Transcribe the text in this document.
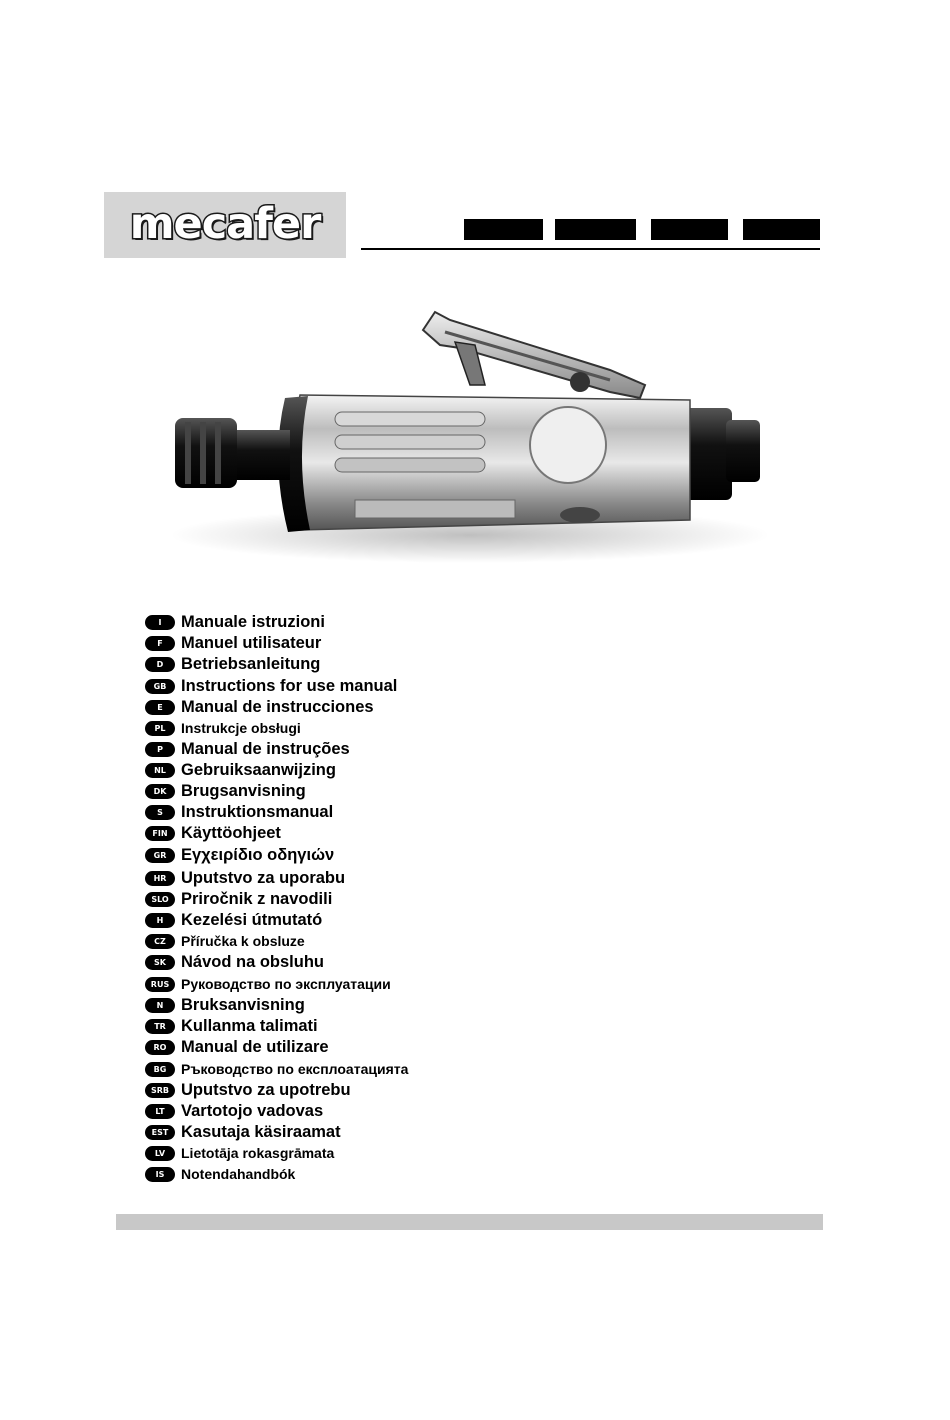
mecafer
I	Manuale istruzioni
F	Manuel utilisateur
D	Betriebsanleitung
GB Instructions for use manual
E	Manual de instrucciones
PL	Instrukcje obsługi
P	Manual de instruções
NL Gebruiksaanwijzing
DK Brugsanvisning
S	Instruktionsmanual
FIN Käyttöohjeet
GR Εγχειρίδιο οδηγιών
HR Uputstvo za uporabu
SLO Priročnik z navodili
H	Kezelési útmutató
CZ	Příručka k obsluze
SK Návod na obsluhu
RUS Руководство по эксплуатации
N	Bruksanvisning
TR Kullanma talimati
RO Manual de utilizare
BG	Ръководство по експлоатацията
SRB Uputstvo za upotrebu
LT Vartotojo vadovas
EST Kasutaja käsiraamat
LV	Lietotāja rokasgrāmata
IS	Notendahandbók
